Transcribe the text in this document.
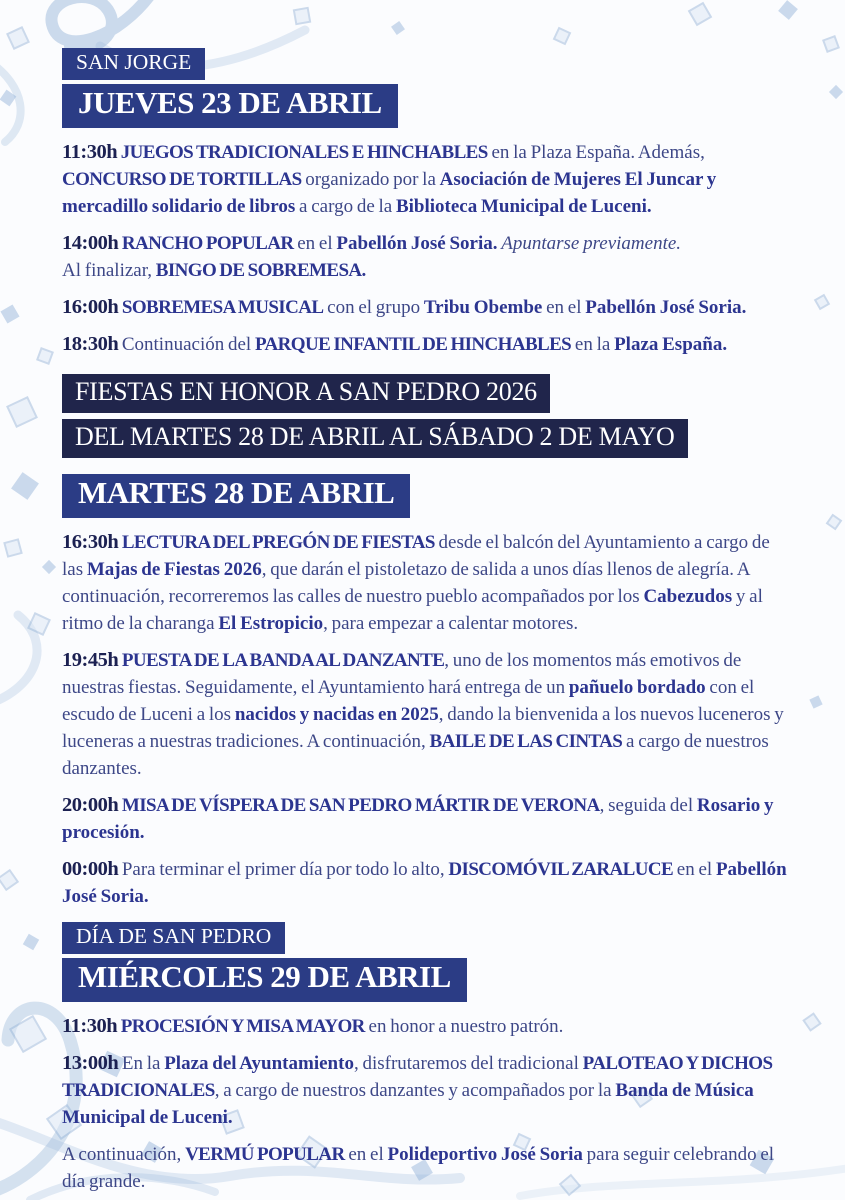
SAN JORGE
JUEVES 23 DE ABRIL

11:30h JUEGOS TRADICIONALES E HINCHABLES en la Plaza España. Además, CONCURSO DE TORTILLAS organizado por la Asociación de Mujeres El Juncar y mercadillo solidario de libros a cargo de la Biblioteca Municipal de Luceni.

14:00h RANCHO POPULAR en el Pabellón José Soria. Apuntarse previamente.
Al finalizar, BINGO DE SOBREMESA.

16:00h SOBREMESA MUSICAL con el grupo Tribu Obembe en el Pabellón José Soria.

18:30h Continuación del PARQUE INFANTIL DE HINCHABLES en la Plaza España.

FIESTAS EN HONOR A SAN PEDRO 2026
DEL MARTES 28 DE ABRIL AL SÁBADO 2 DE MAYO
MARTES 28 DE ABRIL

16:30h LECTURA DEL PREGÓN DE FIESTAS desde el balcón del Ayuntamiento a cargo de las Majas de Fiestas 2026, que darán el pistoletazo de salida a unos días llenos de alegría. A continuación, recorreremos las calles de nuestro pueblo acompañados por los Cabezudos y al ritmo de la charanga El Estropicio, para empezar a calentar motores.

19:45h PUESTA DE LA BANDA AL DANZANTE, uno de los momentos más emotivos de nuestras fiestas. Seguidamente, el Ayuntamiento hará entrega de un pañuelo bordado con el escudo de Luceni a los nacidos y nacidas en 2025, dando la bienvenida a los nuevos luceneros y luceneras a nuestras tradiciones. A continuación, BAILE DE LAS CINTAS a cargo de nuestros danzantes.

20:00h MISA DE VÍSPERA DE SAN PEDRO MÁRTIR DE VERONA, seguida del Rosario y procesión.

00:00h Para terminar el primer día por todo lo alto, DISCOMÓVIL ZARALUCE en el Pabellón José Soria.

DÍA DE SAN PEDRO
MIÉRCOLES 29 DE ABRIL

11:30h PROCESIÓN Y MISA MAYOR en honor a nuestro patrón.

13:00h En la Plaza del Ayuntamiento, disfrutaremos del tradicional PALOTEAO Y DICHOS TRADICIONALES, a cargo de nuestros danzantes y acompañados por la Banda de Música Municipal de Luceni.

A continuación, VERMÚ POPULAR en el Polideportivo José Soria para seguir celebrando el día grande.
